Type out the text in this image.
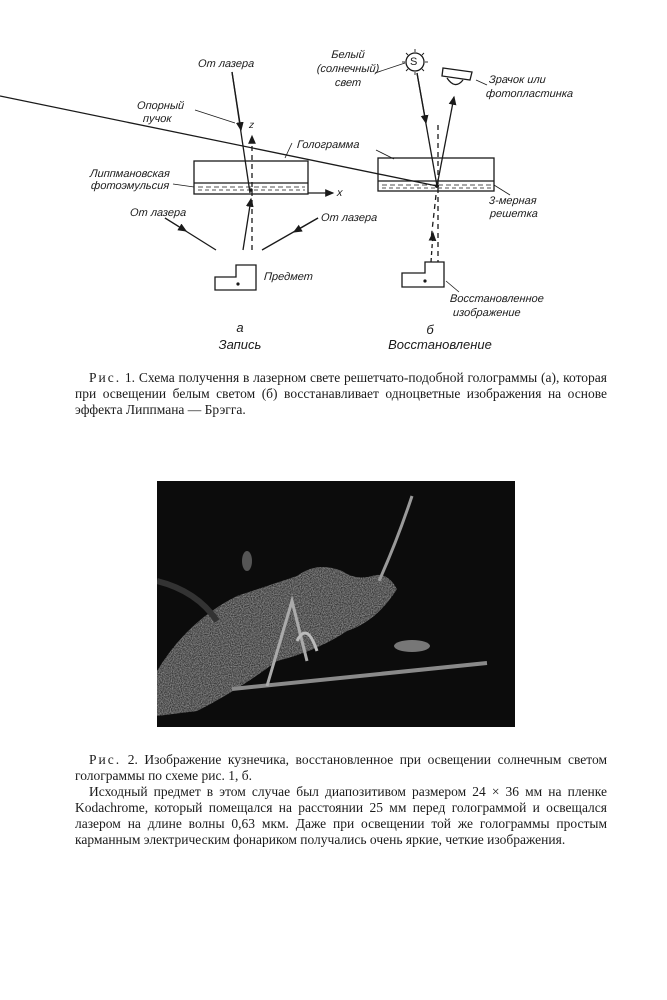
От лазера
Опорный
пучок
z
Голограмма
Липпмановская
фотоэмульсия
x
От лазера	От лазера
Предмет
а
Запись
Белый
(солнечный)
свет
S
Зрачок или
фотопластинка
3-мерная
решетка
Восстановленное
изображение
б
Восстановление

Рис. 1. Схема получення в лазерном свете решетчато-подобной голограммы (а), которая при освещении белым светом (б) восстанавливает одноцветные изображения на основе эффекта Липпмана — Брэгга.

Рис. 2. Изображение кузнечика, восстановленное при освещении солнечным светом голограммы по схеме рис. 1, б.

Исходный предмет в этом случае был диапозитивом размером 24 × 36 мм на пленке Kodachrome, который помещался на расстоянии 25 мм перед голограммой и освещался лазером на длине волны 0,63 мкм. Даже при освещении той же голограммы простым карманным электрическим фонариком получались очень яркие, четкие изображения.
